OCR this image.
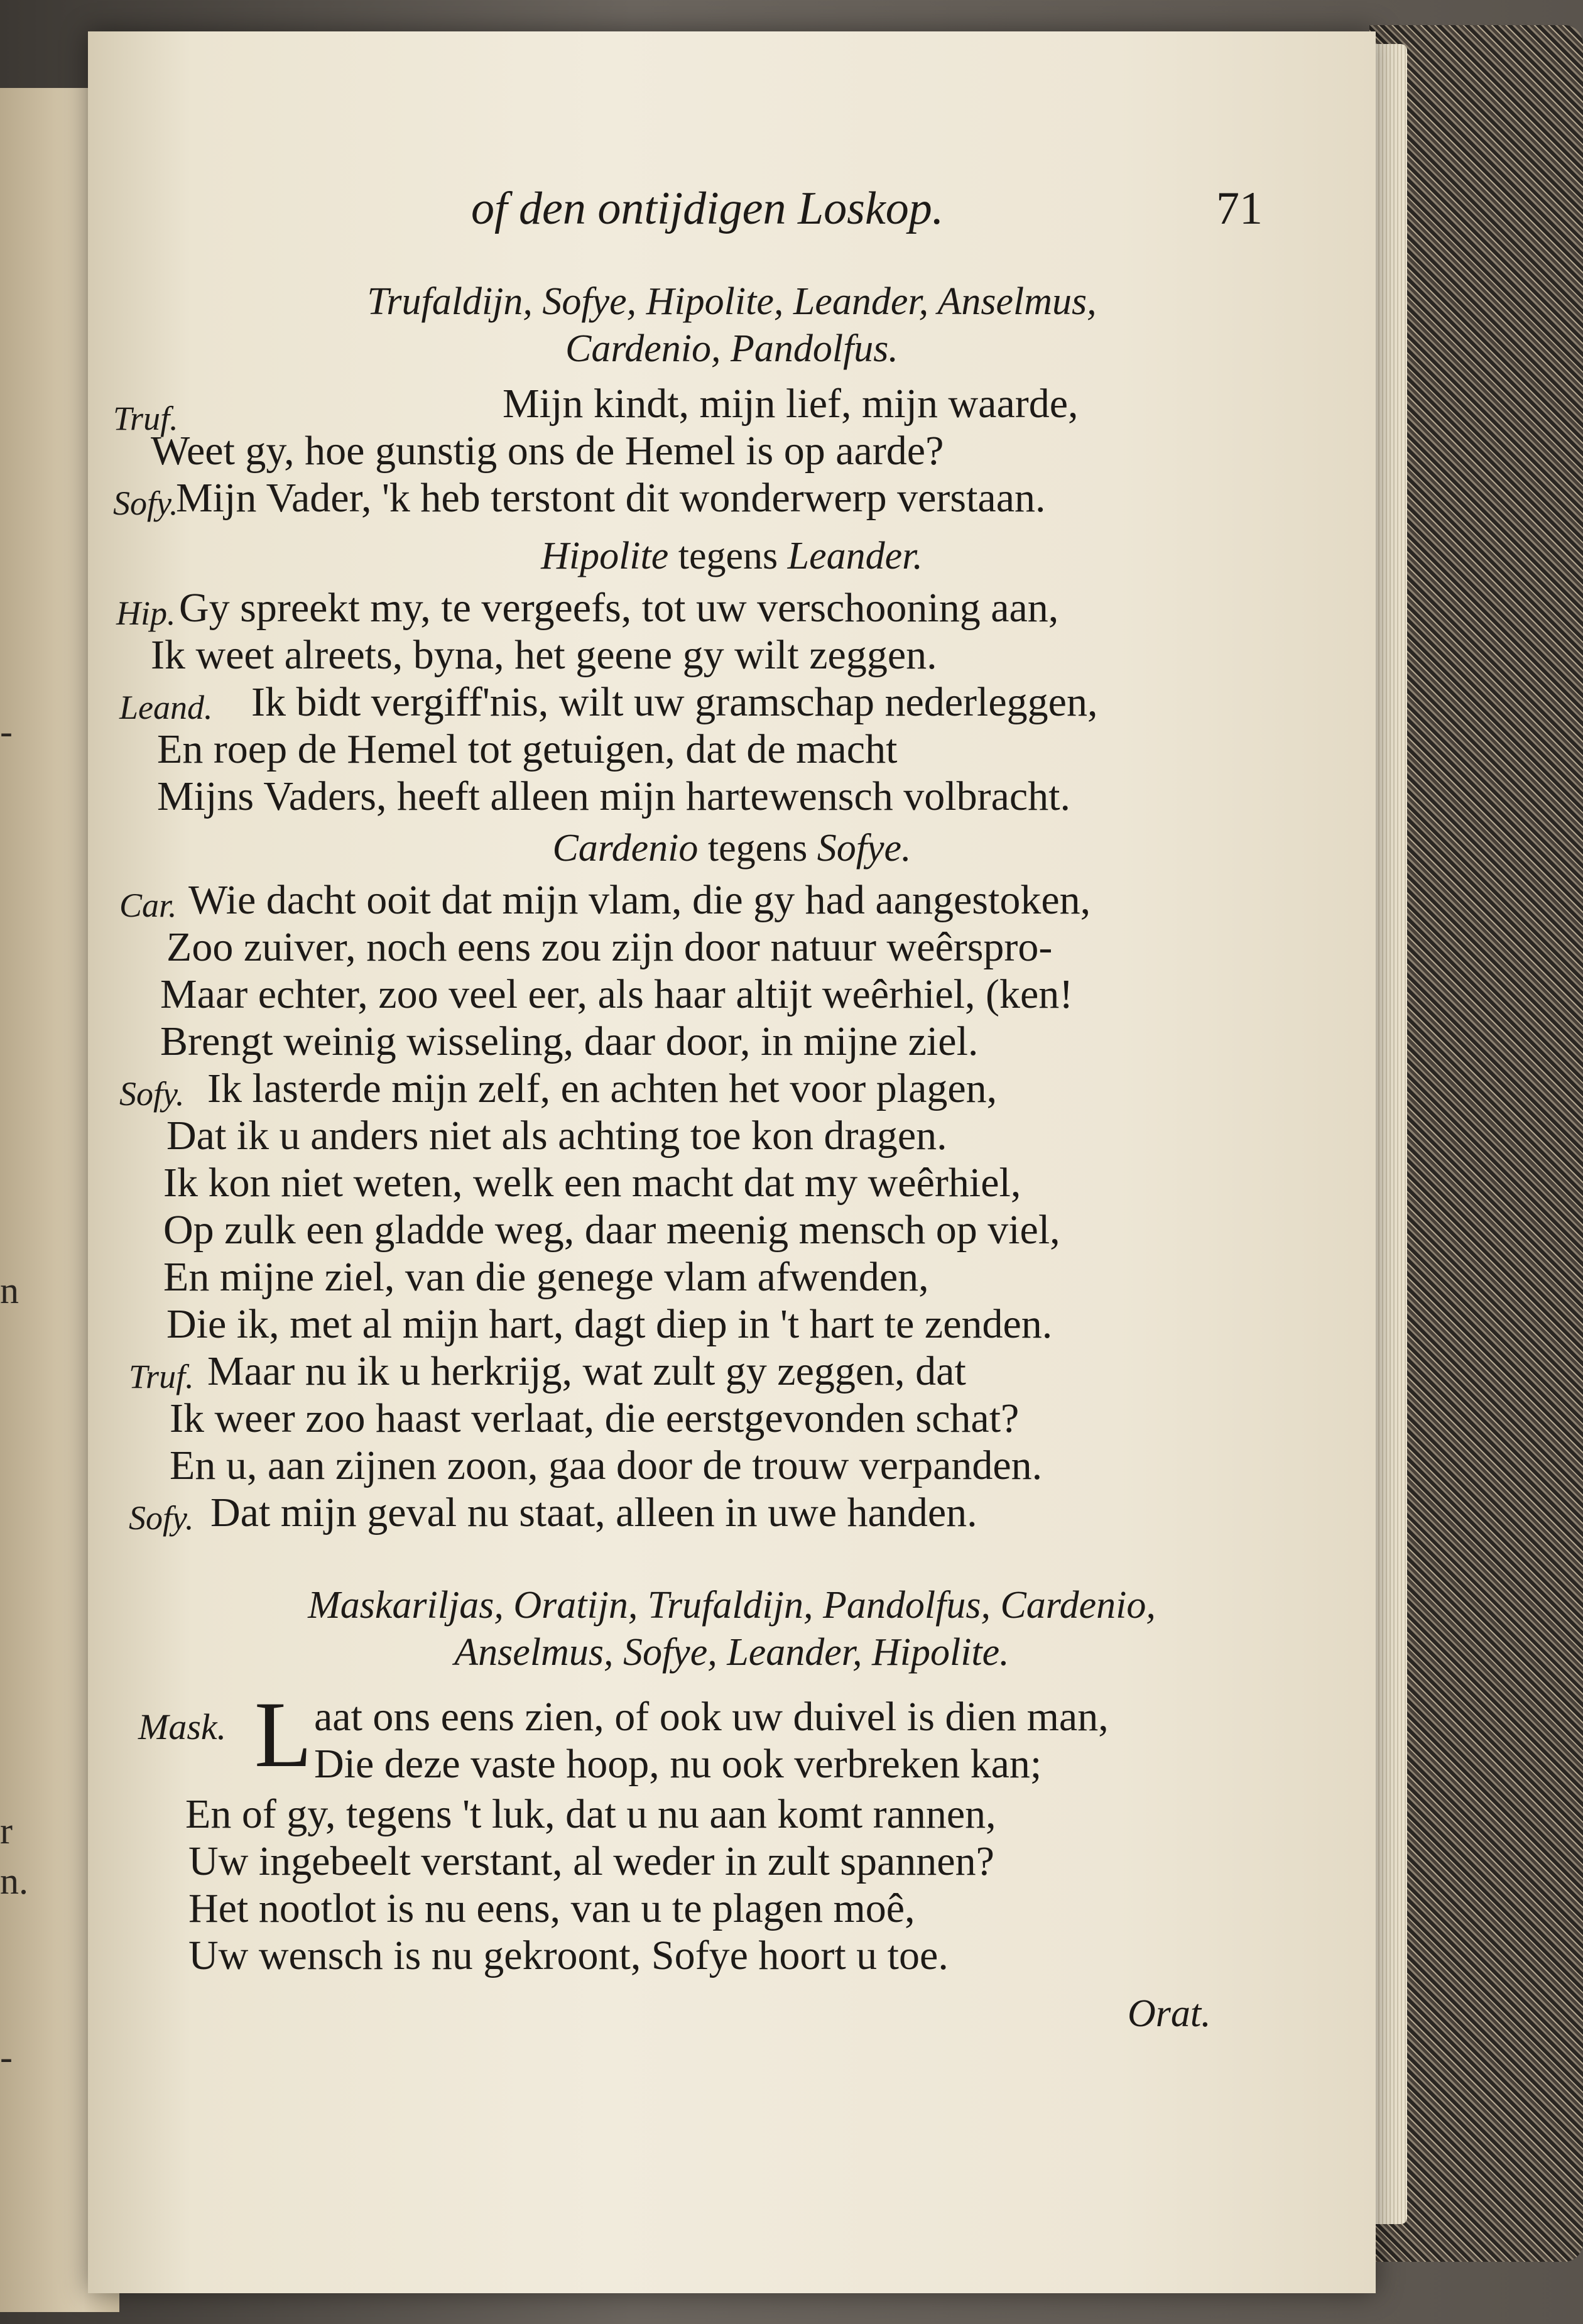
-
n
r
n.
-
of den ontijdigen Loskop.	71
Trufaldijn, Sofye, Hipolite, Leander, Anselmus,
Cardenio, Pandolfus.
Truf.	Mijn kindt, mijn lief, mijn waarde,
Weet gy, hoe gunstig ons de Hemel is op aarde?
Sofy.
Mijn Vader, 'k heb terstont dit wonderwerp verstaan.
Hipolite tegens Leander.
Hip. Gy spreekt my, te vergeefs, tot uw verschooning aan,
Ik weet alreets, byna, het geene gy wilt zeggen.
Leand. Ik bidt vergiff'nis, wilt uw gramschap nederleggen,
En roep de Hemel tot getuigen, dat de macht
Mijns Vaders, heeft alleen mijn hartewensch volbracht.
Cardenio tegens Sofye.
Car. Wie dacht ooit dat mijn vlam, die gy had aangestoken,
Zoo zuiver, noch eens zou zijn door natuur weêrspro-
Maar echter, zoo veel eer, als haar altijt weêrhiel, (ken!
Brengt weinig wisseling, daar door, in mijne ziel.
Sofy. Ik lasterde mijn zelf, en achten het voor plagen,
Dat ik u anders niet als achting toe kon dragen.
Ik kon niet weten, welk een macht dat my weêrhiel,
Op zulk een gladde weg, daar meenig mensch op viel,
En mijne ziel, van die genege vlam afwenden,
Die ik, met al mijn hart, dagt diep in 't hart te zenden.
Truf. Maar nu ik u herkrijg, wat zult gy zeggen, dat
Ik weer zoo haast verlaat, die eerstgevonden schat?
En u, aan zijnen zoon, gaa door de trouw verpanden.
Sofy. Dat mijn geval nu staat, alleen in uwe handen.
Maskariljas, Oratijn, Trufaldijn, Pandolfus, Cardenio,
Anselmus, Sofye, Leander, Hipolite.
Mask. L aat ons eens zien, of ook uw duivel is dien man,
Die deze vaste hoop, nu ook verbreken kan;
En of gy, tegens 't luk, dat u nu aan komt rannen,
Uw ingebeelt verstant, al weder in zult spannen?
Het nootlot is nu eens, van u te plagen moê,
Uw wensch is nu gekroont, Sofye hoort u toe.
Orat.
